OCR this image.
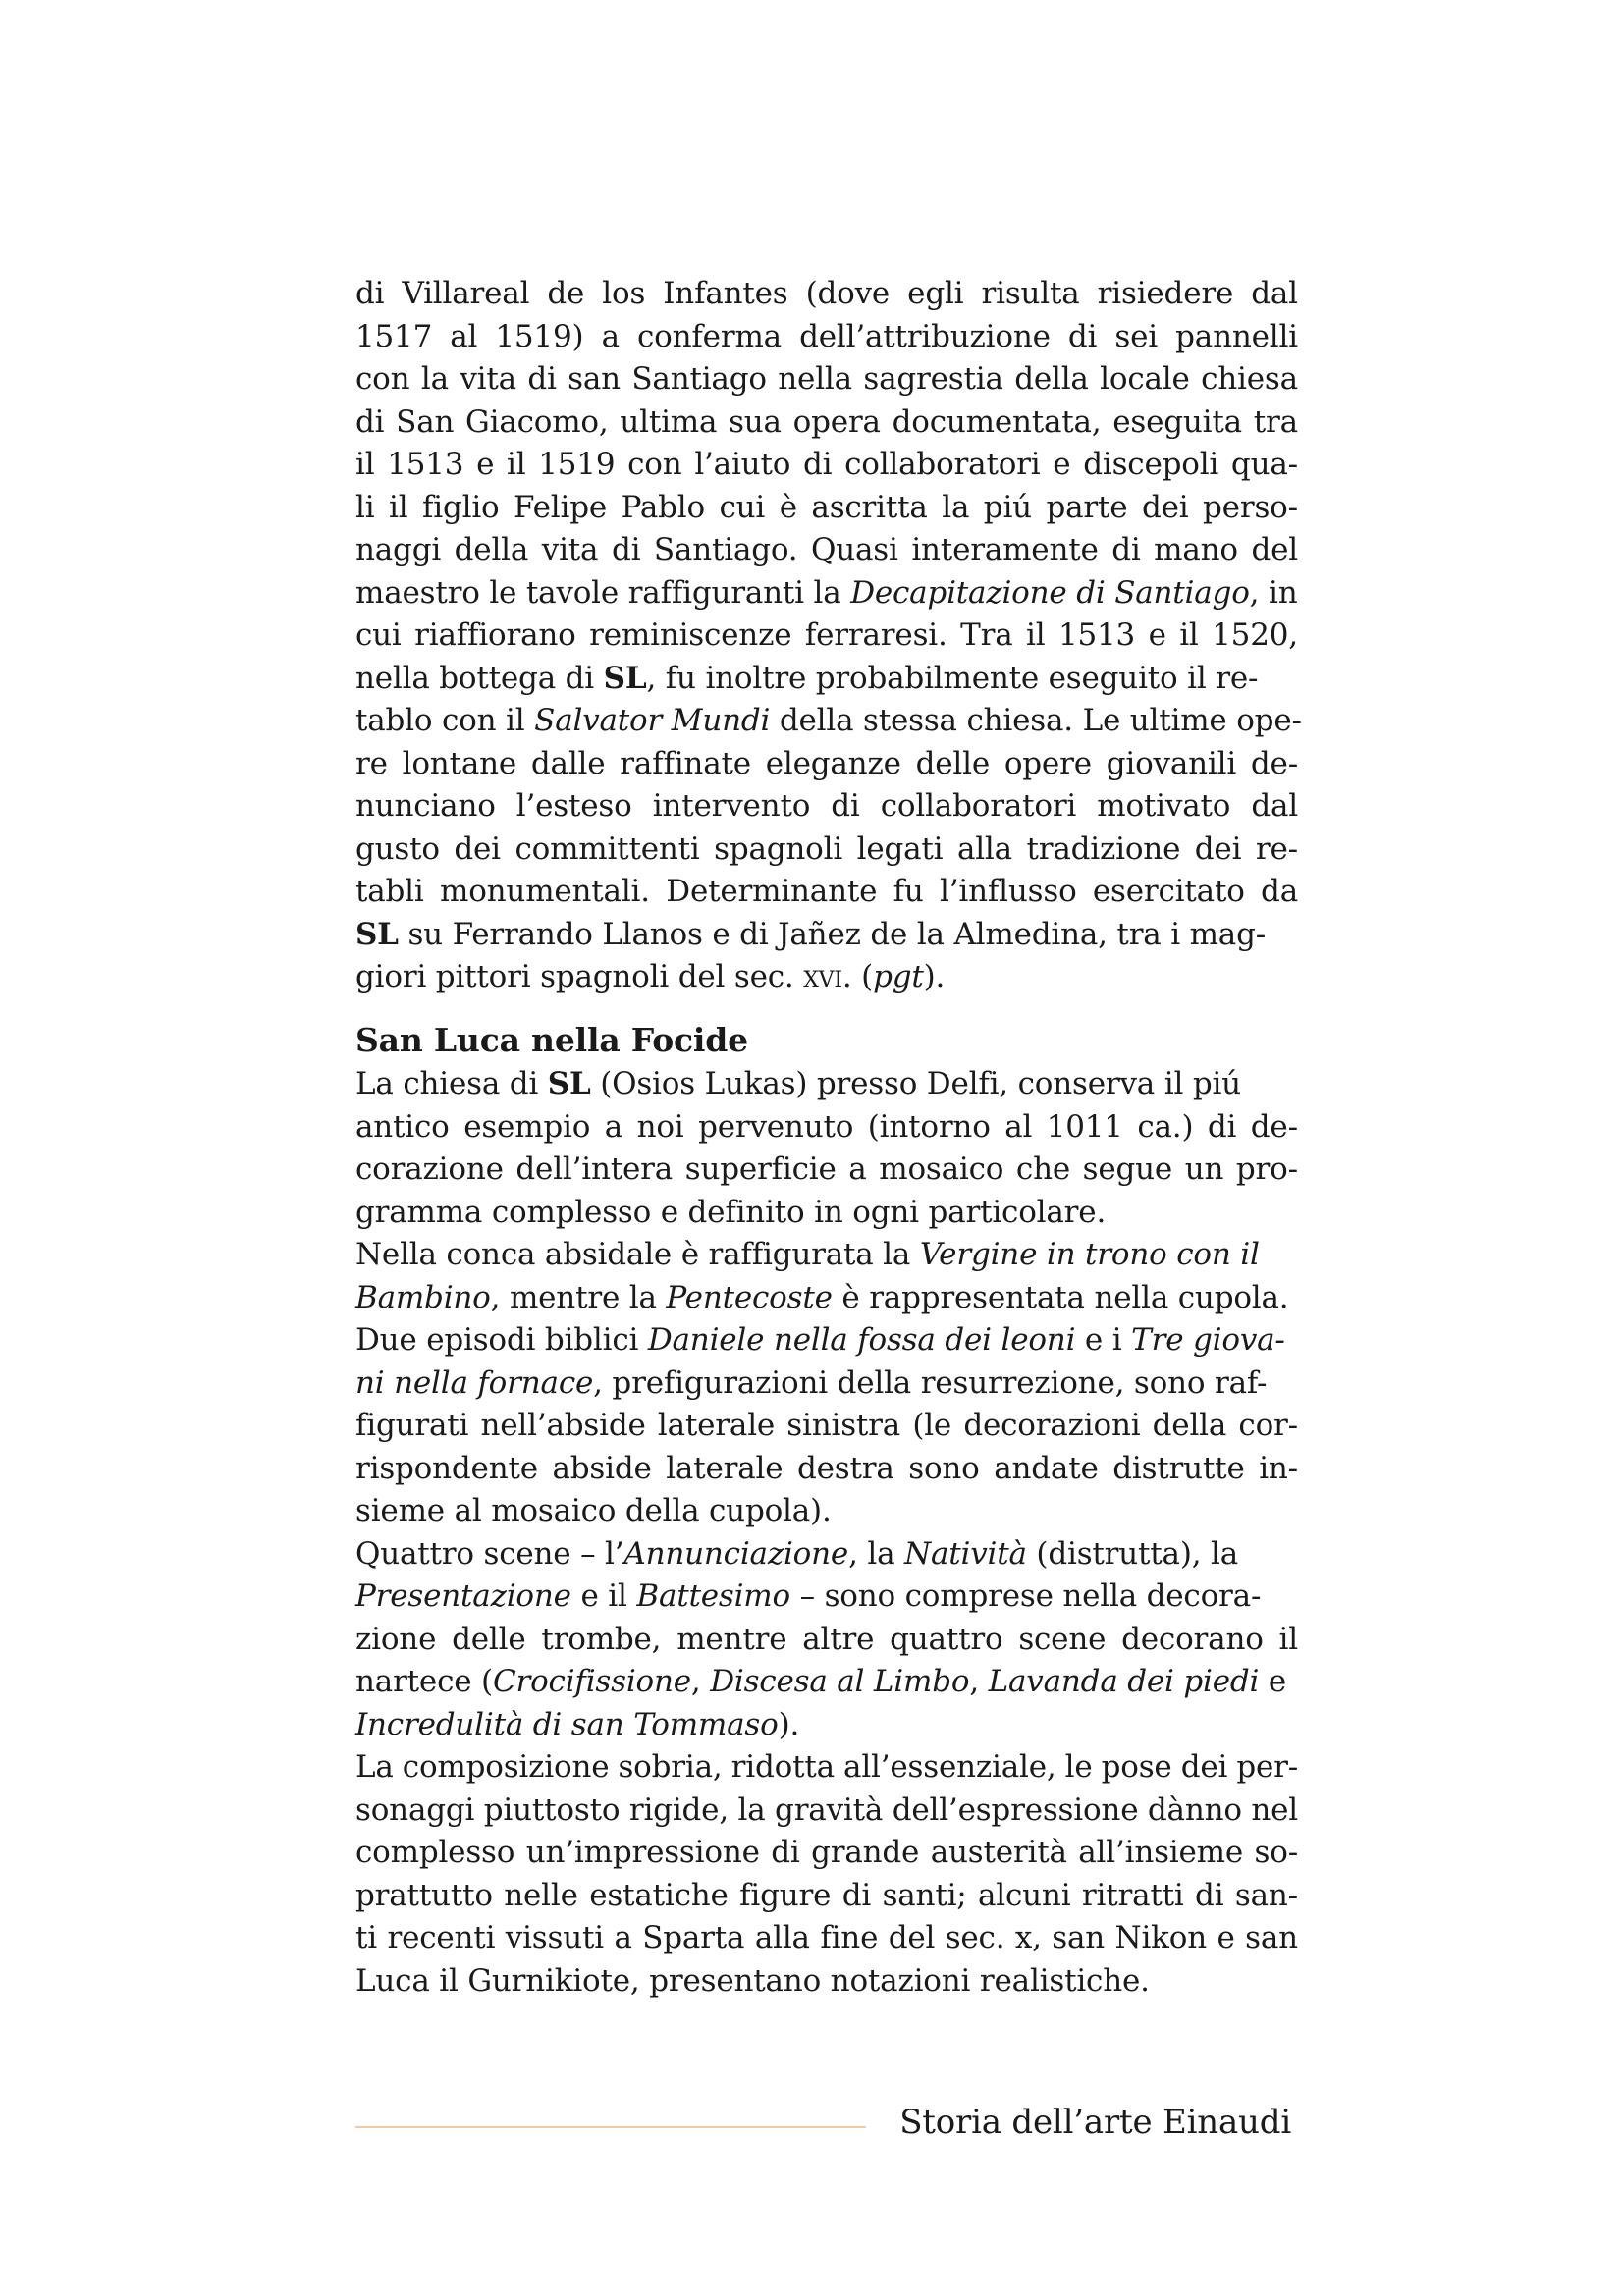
di Villareal de los Infantes (dove egli risulta risiedere dal
1517 al 1519) a conferma dell’attribuzione di sei pannelli
con la vita di san Santiago nella sagrestia della locale chiesa
di San Giacomo, ultima sua opera documentata, eseguita tra
il 1513 e il 1519 con l’aiuto di collaboratori e discepoli qua-
li il figlio Felipe Pablo cui è ascritta la piú parte dei perso-
naggi della vita di Santiago. Quasi interamente di mano del
maestro le tavole raffiguranti la Decapitazione di Santiago, in
cui riaffiorano reminiscenze ferraresi. Tra il 1513 e il 1520,
nella bottega di SL, fu inoltre probabilmente eseguito il re-
tablo con il Salvator Mundi della stessa chiesa. Le ultime ope-
re lontane dalle raffinate eleganze delle opere giovanili de-
nunciano l’esteso intervento di collaboratori motivato dal
gusto dei committenti spagnoli legati alla tradizione dei re-
tabli monumentali. Determinante fu l’influsso esercitato da
SL su Ferrando Llanos e di Jañez de la Almedina, tra i mag-
giori pittori spagnoli del sec. xvi. (pgt).
San Luca nella Focide
La chiesa di SL (Osios Lukas) presso Delfi, conserva il piú
antico esempio a noi pervenuto (intorno al 1011 ca.) di de-
corazione dell’intera superficie a mosaico che segue un pro-
gramma complesso e definito in ogni particolare.
Nella conca absidale è raffigurata la Vergine in trono con il
Bambino, mentre la Pentecoste è rappresentata nella cupola.
Due episodi biblici Daniele nella fossa dei leoni e i Tre giova-
ni nella fornace, prefigurazioni della resurrezione, sono raf-
figurati nell’abside laterale sinistra (le decorazioni della cor-
rispondente abside laterale destra sono andate distrutte in-
sieme al mosaico della cupola).
Quattro scene – l’Annunciazione, la Natività (distrutta), la
Presentazione e il Battesimo – sono comprese nella decora-
zione delle trombe, mentre altre quattro scene decorano il
nartece (Crocifissione, Discesa al Limbo, Lavanda dei piedi e
Incredulità di san Tommaso).
La composizione sobria, ridotta all’essenziale, le pose dei per-
sonaggi piuttosto rigide, la gravità dell’espressione dànno nel
complesso un’impressione di grande austerità all’insieme so-
prattutto nelle estatiche figure di santi; alcuni ritratti di san-
ti recenti vissuti a Sparta alla fine del sec. x, san Nikon e san
Luca il Gurnikiote, presentano notazioni realistiche.
Storia dell’arte Einaudi
